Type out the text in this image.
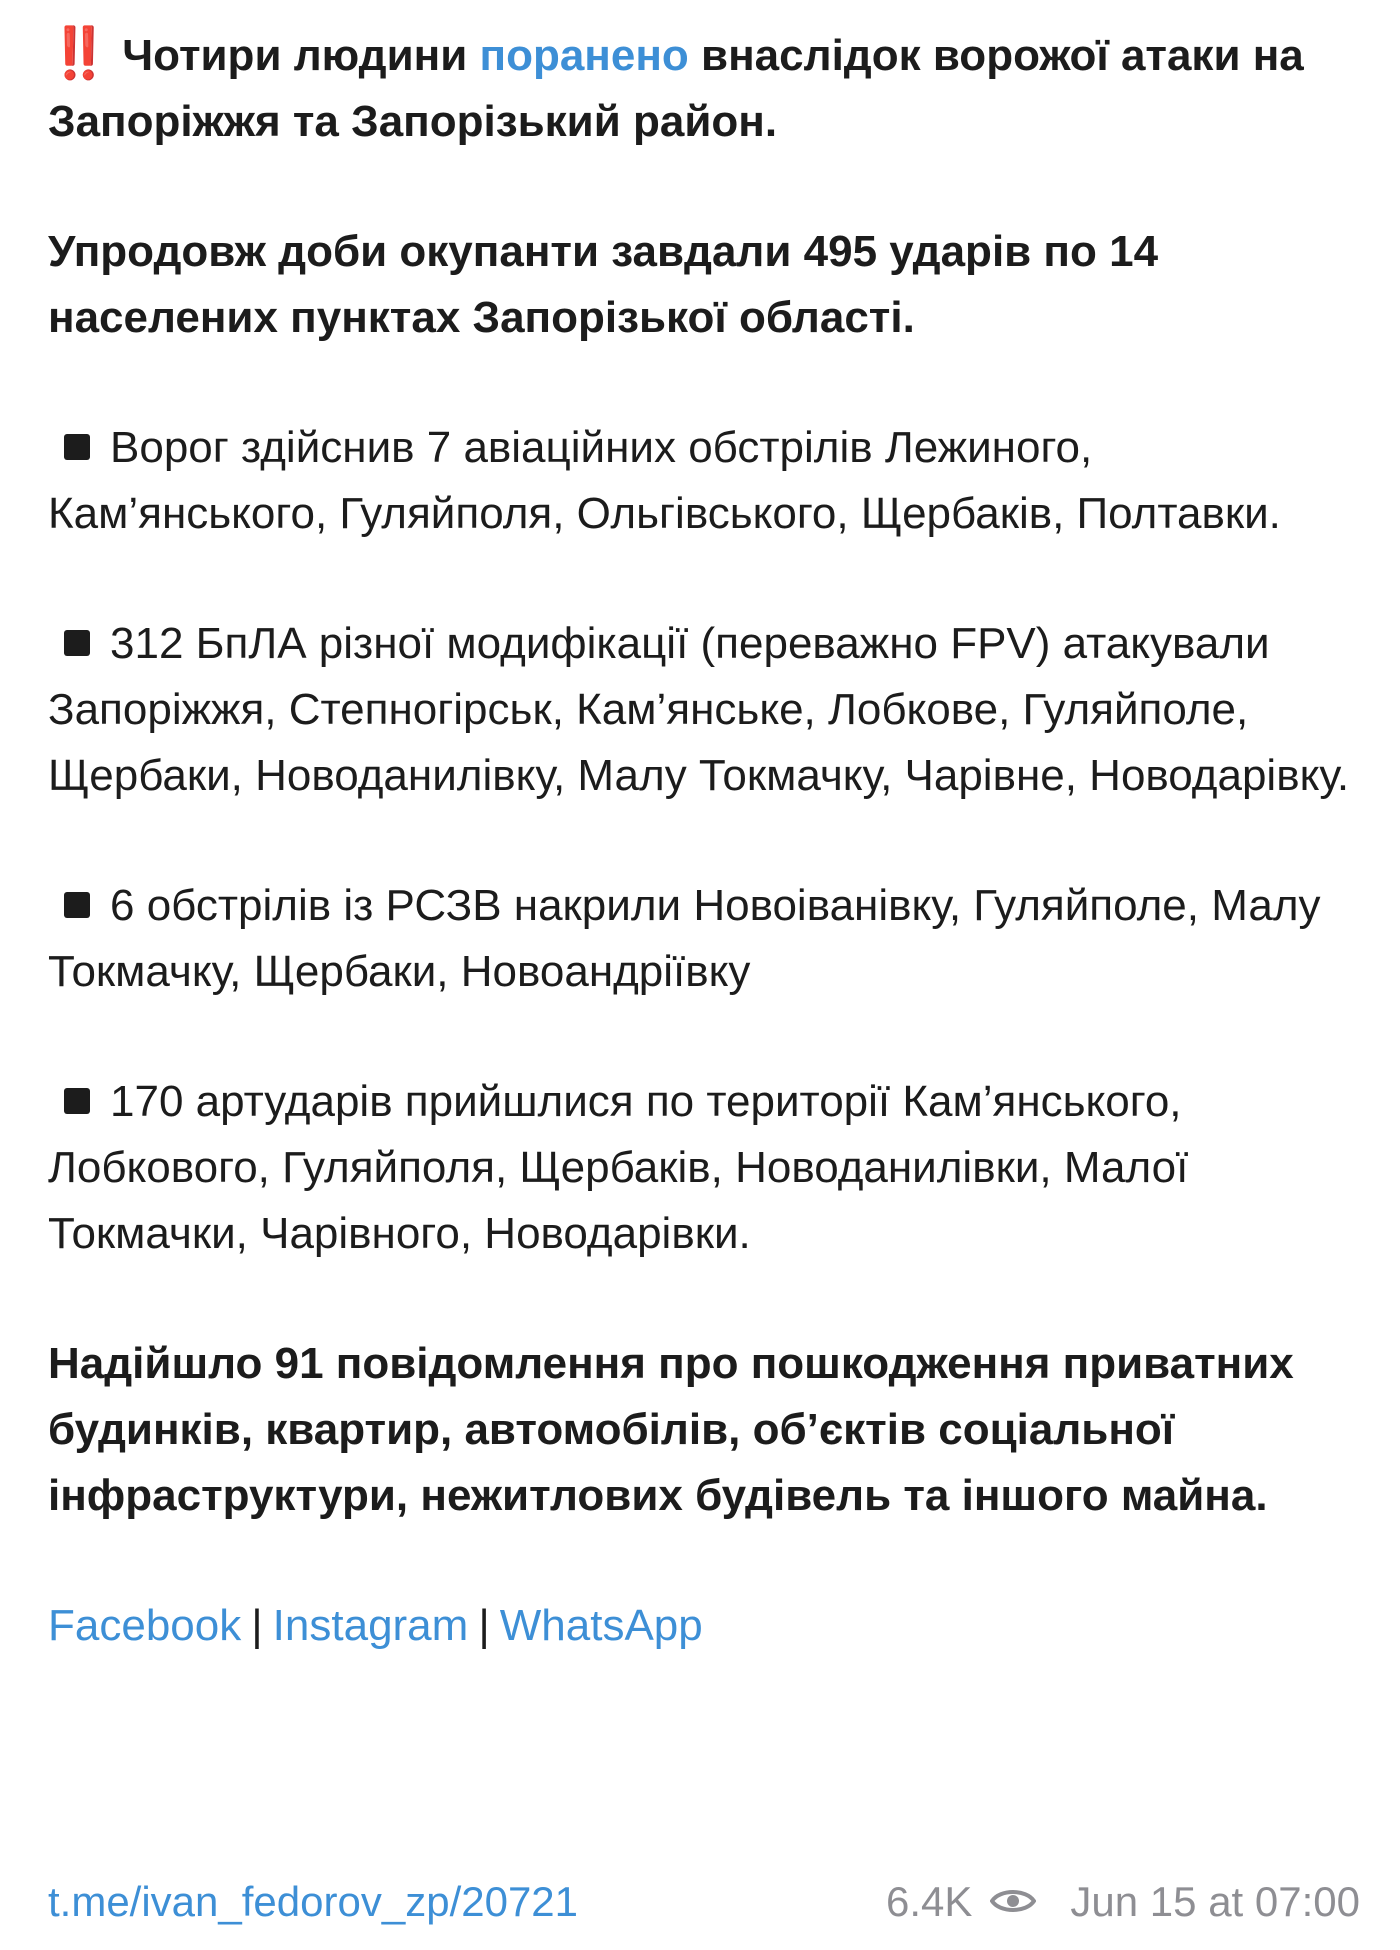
‼️ Чотири людини поранено внаслідок ворожої атаки на Запоріжжя та Запорізький район.

Упродовж доби окупанти завдали 495 ударів по 14 населених пунктах Запорізької області.

Ворог здійснив 7 авіаційних обстрілів Лежиного, Кам’янського, Гуляйполя, Ольгівського, Щербаків, Полтавки.

312 БпЛА різної модифікації (переважно FPV) атакували Запоріжжя, Степногірськ, Кам’янське, Лобкове, Гуляйполе, Щербаки, Новоданилівку, Малу Токмачку, Чарівне, Новодарівку.

6 обстрілів із РСЗВ накрили Новоіванівку, Гуляйполе, Малу Токмачку, Щербаки, Новоандріївку

170 артударів прийшлися по території Кам’янського, Лобкового, Гуляйполя, Щербаків, Новоданилівки, Малої Токмачки, Чарівного, Новодарівки.

Надійшло 91 повідомлення про пошкодження приватних будинків, квартир, автомобілів, об’єктів соціальної інфраструктури, нежитлових будівель та іншого майна.

Facebook | Instagram | WhatsApp

t.me/ivan_fedorov_zp/20721	6.4K Jun 15 at 07:00
